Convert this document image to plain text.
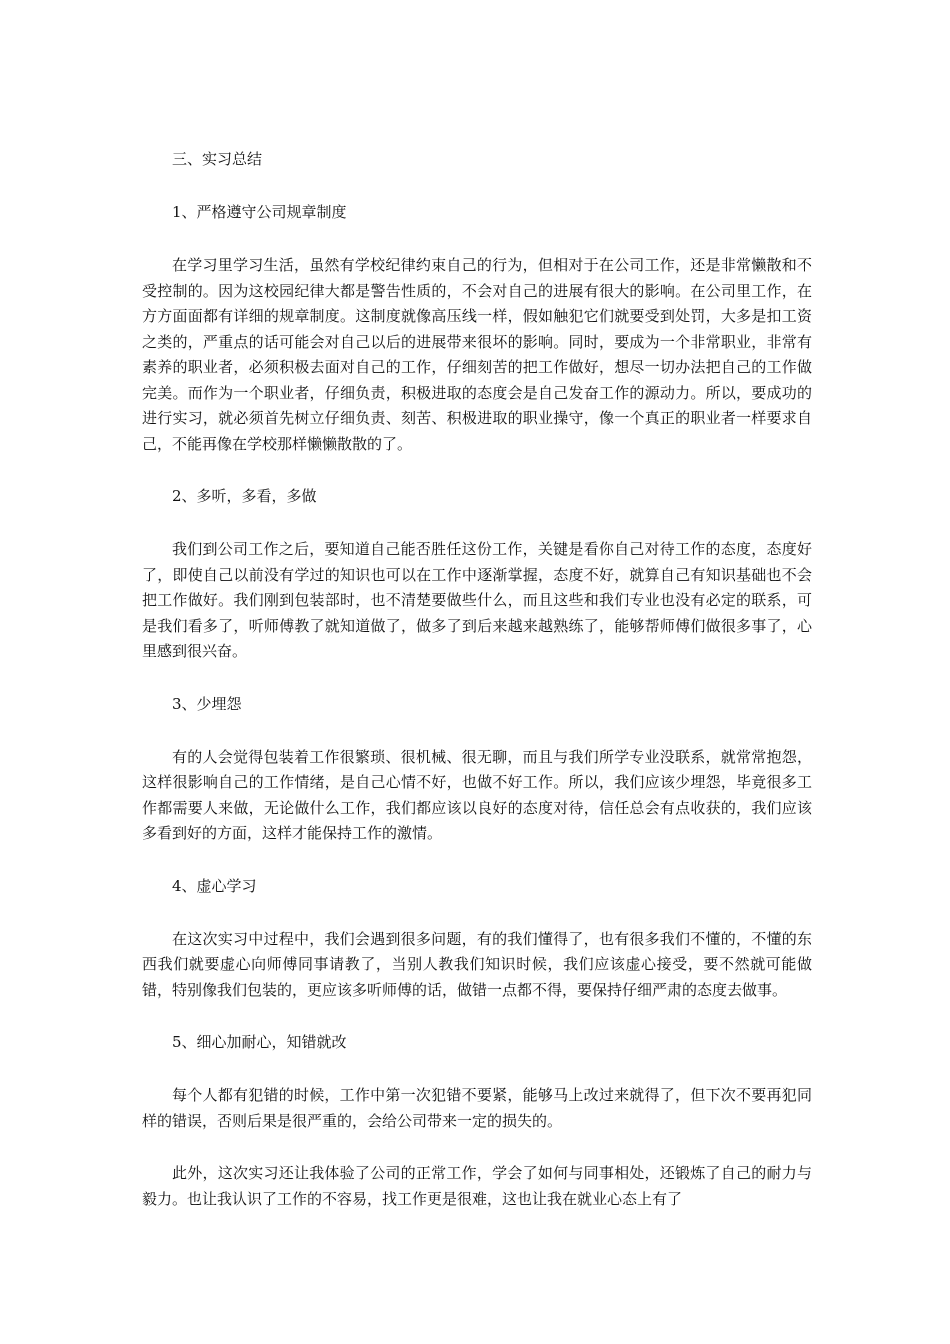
三、实习总结

1、严格遵守公司规章制度

在学习里学习生活，虽然有学校纪律约束自己的行为，但相对于在公司工作，还是非常懒散和不受控制的。因为这校园纪律大都是警告性质的，不会对自己的进展有很大的影响。在公司里工作，在方方面面都有详细的规章制度。这制度就像高压线一样，假如触犯它们就要受到处罚，大多是扣工资之类的，严重点的话可能会对自己以后的进展带来很坏的影响。同时，要成为一个非常职业，非常有素养的职业者，必须积极去面对自己的工作，仔细刻苦的把工作做好，想尽一切办法把自己的工作做完美。而作为一个职业者，仔细负责，积极进取的态度会是自己发奋工作的源动力。所以，要成功的进行实习，就必须首先树立仔细负责、刻苦、积极进取的职业操守，像一个真正的职业者一样要求自己，不能再像在学校那样懒懒散散的了。

2、多听，多看，多做

我们到公司工作之后，要知道自己能否胜任这份工作，关键是看你自己对待工作的态度，态度好了，即使自己以前没有学过的知识也可以在工作中逐渐掌握，态度不好，就算自己有知识基础也不会把工作做好。我们刚到包装部时，也不清楚要做些什么，而且这些和我们专业也没有必定的联系，可是我们看多了，听师傅教了就知道做了，做多了到后来越来越熟练了，能够帮师傅们做很多事了，心里感到很兴奋。

3、少埋怨

有的人会觉得包装着工作很繁琐、很机械、很无聊，而且与我们所学专业没联系，就常常抱怨，这样很影响自己的工作情绪，是自己心情不好，也做不好工作。所以，我们应该少埋怨，毕竟很多工作都需要人来做，无论做什么工作，我们都应该以良好的态度对待，信任总会有点收获的，我们应该多看到好的方面，这样才能保持工作的激情。

4、虚心学习

在这次实习中过程中，我们会遇到很多问题，有的我们懂得了，也有很多我们不懂的，不懂的东西我们就要虚心向师傅同事请教了，当别人教我们知识时候，我们应该虚心接受，要不然就可能做错，特别像我们包装的，更应该多听师傅的话，做错一点都不得，要保持仔细严肃的态度去做事。

5、细心加耐心，知错就改

每个人都有犯错的时候，工作中第一次犯错不要紧，能够马上改过来就得了，但下次不要再犯同样的错误，否则后果是很严重的，会给公司带来一定的损失的。

此外，这次实习还让我体验了公司的正常工作，学会了如何与同事相处，还锻炼了自己的耐力与毅力。也让我认识了工作的不容易，找工作更是很难，这也让我在就业心态上有了
